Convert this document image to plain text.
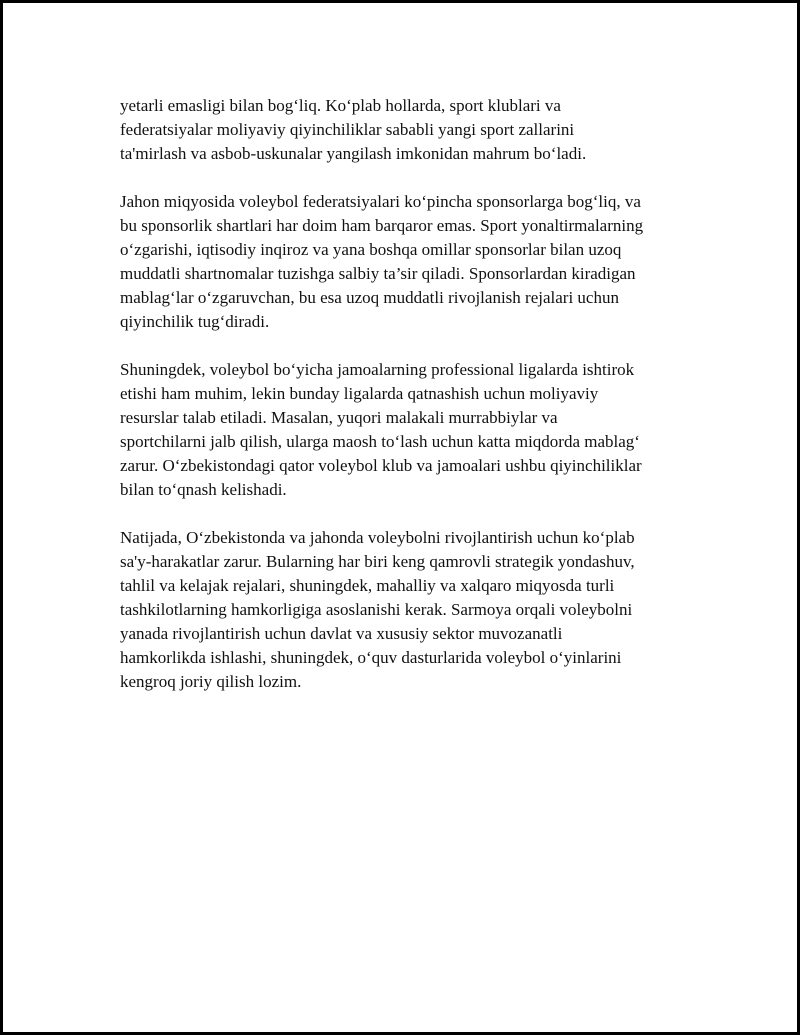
yetarli emasligi bilan bog‘liq. Ko‘plab hollarda, sport klublari va
federatsiyalar moliyaviy qiyinchiliklar sababli yangi sport zallarini
ta'mirlash va asbob-uskunalar yangilash imkonidan mahrum bo‘ladi.

Jahon miqyosida voleybol federatsiyalari ko‘pincha sponsorlarga bog‘liq, va
bu sponsorlik shartlari har doim ham barqaror emas. Sport yonaltirmalarning
o‘zgarishi, iqtisodiy inqiroz va yana boshqa omillar sponsorlar bilan uzoq
muddatli shartnomalar tuzishga salbiy ta’sir qiladi. Sponsorlardan kiradigan
mablag‘lar o‘zgaruvchan, bu esa uzoq muddatli rivojlanish rejalari uchun
qiyinchilik tug‘diradi.

Shuningdek, voleybol bo‘yicha jamoalarning professional ligalarda ishtirok
etishi ham muhim, lekin bunday ligalarda qatnashish uchun moliyaviy
resurslar talab etiladi. Masalan, yuqori malakali murrabbiylar va
sportchilarni jalb qilish, ularga maosh to‘lash uchun katta miqdorda mablag‘
zarur. O‘zbekistondagi qator voleybol klub va jamoalari ushbu qiyinchiliklar
bilan to‘qnash kelishadi.

Natijada, O‘zbekistonda va jahonda voleybolni rivojlantirish uchun ko‘plab
sa'y-harakatlar zarur. Bularning har biri keng qamrovli strategik yondashuv,
tahlil va kelajak rejalari, shuningdek, mahalliy va xalqaro miqyosda turli
tashkilotlarning hamkorligiga asoslanishi kerak. Sarmoya orqali voleybolni
yanada rivojlantirish uchun davlat va xususiy sektor muvozanatli
hamkorlikda ishlashi, shuningdek, o‘quv dasturlarida voleybol o‘yinlarini
kengroq joriy qilish lozim.
